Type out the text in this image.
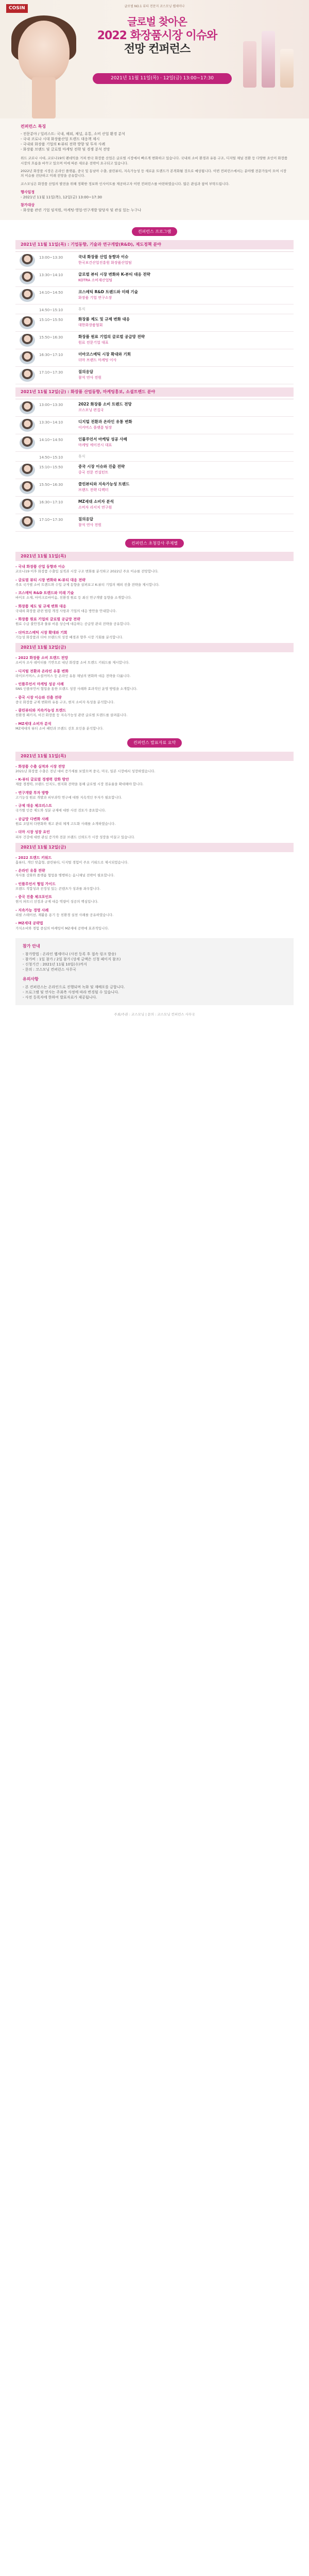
COSIN	글로벌 NO.1 뷰티 전문지 코스모닝 웹세미나
글로벌 찾아온
2022 화장품시장 이슈와
전망 컨퍼런스
2021년 11월 11일(목) · 12일(금) 13:00~17:30
컨퍼런스 특징
- 전문분야 / 일러스트: 국내, 해외, 채널, 유통, 소비 산업 환경 분석
- 국내 코로나 시대 화장품산업 트렌드 대응책 제시
- 국내외 화장품 기업의 K-뷰티 전략 방향 및 투자 사례
- 화장품 브랜드 및 글로벌 마케팅 전략 및 경쟁 분석 전망

위드 코로나 시대, 코로나19의 팬데믹을 거쳐 한국 화장품 산업은 글로벌 시장에서 빠르게 변화하고 있습니다. 국내외 소비 환경과 유통 구조, 디지털 채널 전환 등 다양한 요인이 화장품 시장의 흐름을 바꾸고 있으며 이에 따른 새로운 전략이 요구되고 있습니다.

2022년 화장품 시장은 온라인 플랫폼, 중국 및 동남아 수출, 클린뷰티, 지속가능성 등 새로운 트렌드가 본격화될 것으로 예상됩니다. 이번 컨퍼런스에서는 분야별 전문가들이 모여 시장의 이슈를 진단하고 미래 전망을 공유합니다.

코스모닝은 화장품 산업의 발전을 위해 정확한 정보와 인사이트를 제공하고자 이번 컨퍼런스를 마련하였습니다. 많은 관심과 참여 부탁드립니다.

행사일정
- 2021년 11월 11일(목), 12일(금) 13:00~17:30
참가대상
- 화장품 관련 기업 임직원, 마케팅·영업·연구개발 담당자 및 관심 있는 누구나
컨퍼런스 프로그램
2021년 11월 11일(목) : 기업동향, 기술과 연구개발(R&D), 제도정책 분야
13:00~13:30	국내 화장품 산업 동향과 이슈
한국보건산업진흥원 화장품산업팀
13:30~14:10	글로벌 뷰티 시장 변화와 K-뷰티 대응 전략
KOTRA 소비재산업팀
14:10~14:50	코스메틱 R&D 트렌드와 미래 기술
화장품 기업 연구소장
14:50~15:10	휴식
15:10~15:50	화장품 제도 및 규제 변화 대응
대한화장품협회
15:50~16:30	화장품 원료 기업의 글로벌 공급망 전략
원료 전문기업 대표
16:30~17:10	더마코스메틱 시장 확대와 기회
더마 브랜드 마케팅 이사
17:10~17:30	질의응답
참석 연사 전원
2021년 11월 12일(금) : 화장품 산업동향, 마케팅홍보, 소셜트렌드 분야
13:00~13:30	2022 화장품 소비 트렌드 전망
코스모닝 편집국
13:30~14:10	디지털 전환과 온라인 유통 변화
이커머스 플랫폼 팀장
14:10~14:50	인플루언서 마케팅 성공 사례
마케팅 에이전시 대표
14:50~15:10	휴식
15:10~15:50	중국 시장 이슈와 진출 전략
중국 전문 컨설턴트
15:50~16:30	클린뷰티와 지속가능성 트렌드
브랜드 전략 디렉터
16:30~17:10	MZ세대 소비자 분석
소비자 리서치 연구원
17:10~17:30	질의응답
참석 연사 전원
컨퍼런스 초청강사 주제별
2021년 11월 11일(목)
- 국내 화장품 산업 동향과 이슈
코로나19 이후 화장품 수출입 실적과 시장 구조 변화를 분석하고 2022년 주요 이슈를 전망합니다.
- 글로벌 뷰티 시장 변화와 K-뷰티 대응 전략
주요 국가별 소비 트렌드와 수입 규제 동향을 살펴보고 K-뷰티 기업의 해외 진출 전략을 제시합니다.
- 코스메틱 R&D 트렌드와 미래 기술
바이오 소재, 마이크로바이옴, 친환경 원료 등 최신 연구개발 동향을 소개합니다.
- 화장품 제도 및 규제 변화 대응
국내외 화장품 관련 법령 개정 사항과 기업의 대응 방안을 안내합니다.
- 화장품 원료 기업의 글로벌 공급망 전략
원료 수급 불안정과 물류 비용 상승에 대응하는 공급망 관리 전략을 공유합니다.
- 더마코스메틱 시장 확대와 기회
기능성 화장품과 더마 브랜드의 성장 배경과 향후 시장 기회를 분석합니다.
2021년 11월 12일(금)
- 2022 화장품 소비 트렌드 전망
소비자 조사 데이터를 기반으로 내년 화장품 소비 트렌드 키워드를 제시합니다.
- 디지털 전환과 온라인 유통 변화
라이브커머스, 소셜커머스 등 온라인 유통 채널의 변화와 대응 전략을 다룹니다.
- 인플루언서 마케팅 성공 사례
SNS 인플루언서 협업을 통한 브랜드 성장 사례와 효과적인 운영 방법을 소개합니다.
- 중국 시장 이슈와 진출 전략
중국 화장품 규제 변화와 유통 구조, 현지 소비자 특성을 분석합니다.
- 클린뷰티와 지속가능성 트렌드
친환경 패키지, 비건 화장품 등 지속가능성 관련 글로벌 트렌드를 살펴봅니다.
- MZ세대 소비자 분석
MZ세대의 뷰티 소비 패턴과 브랜드 선호 요인을 분석합니다.
컨퍼런스 발표자료 요약
2021년 11월 11일(목)
- 화장품 수출 실적과 시장 전망
2021년 화장품 수출은 전년 대비 증가세를 보였으며 중국, 미국, 일본 시장에서 성장하였습니다.
- K-뷰티 글로벌 경쟁력 강화 방안
제품 경쟁력, 브랜드 인지도, 현지화 전략을 통해 글로벌 시장 점유율을 확대해야 합니다.
- 연구개발 투자 방향
고기능성 원료 개발과 피부과학 연구에 대한 지속적인 투자가 필요합니다.
- 규제 대응 체크리스트
국가별 인증 제도와 성분 규제에 대한 사전 검토가 중요합니다.
- 공급망 다변화 사례
원료 조달처 다변화와 재고 관리 체계 고도화 사례를 소개하였습니다.
- 더마 시장 성장 요인
피부 건강에 대한 관심 증가와 전문 브랜드 신뢰도가 시장 성장을 이끌고 있습니다.
2021년 11월 12일(금)
- 2022 트렌드 키워드
홈뷰티, 개인 맞춤형, 클린뷰티, 디지털 경험이 주요 키워드로 제시되었습니다.
- 온라인 유통 전략
자사몰 강화와 플랫폼 협업을 병행하는 옴니채널 전략이 필요합니다.
- 인플루언서 협업 가이드
브랜드 적합성과 진정성 있는 콘텐츠가 성과를 좌우합니다.
- 중국 진출 체크포인트
현지 파트너 선정과 규제 대응 역량이 성공의 핵심입니다.
- 지속가능 경영 사례
리필 스테이션, 재활용 용기 등 친환경 실천 사례를 공유하였습니다.
- MZ세대 공략법
가치소비와 경험 중심의 마케팅이 MZ세대 공략에 효과적입니다.
참가 안내
- 참가방법 : 온라인 웹세미나 (사전 등록 후 접속 링크 발송)
- 참가비 : 1일 참가 / 2일 참가 (상세 금액은 신청 페이지 참조)
- 신청기간 : 2021년 11월 10일(수)까지
- 문의 : 코스모닝 컨퍼런스 사무국
유의사항
- 본 컨퍼런스는 온라인으로 진행되며 녹화 및 재배포를 금합니다.
- 프로그램 및 연사는 주최측 사정에 따라 변경될 수 있습니다.
- 사전 등록자에 한하여 발표자료가 제공됩니다.
주최/주관 : 코스모닝 | 문의 : 코스모닝 컨퍼런스 사무국
